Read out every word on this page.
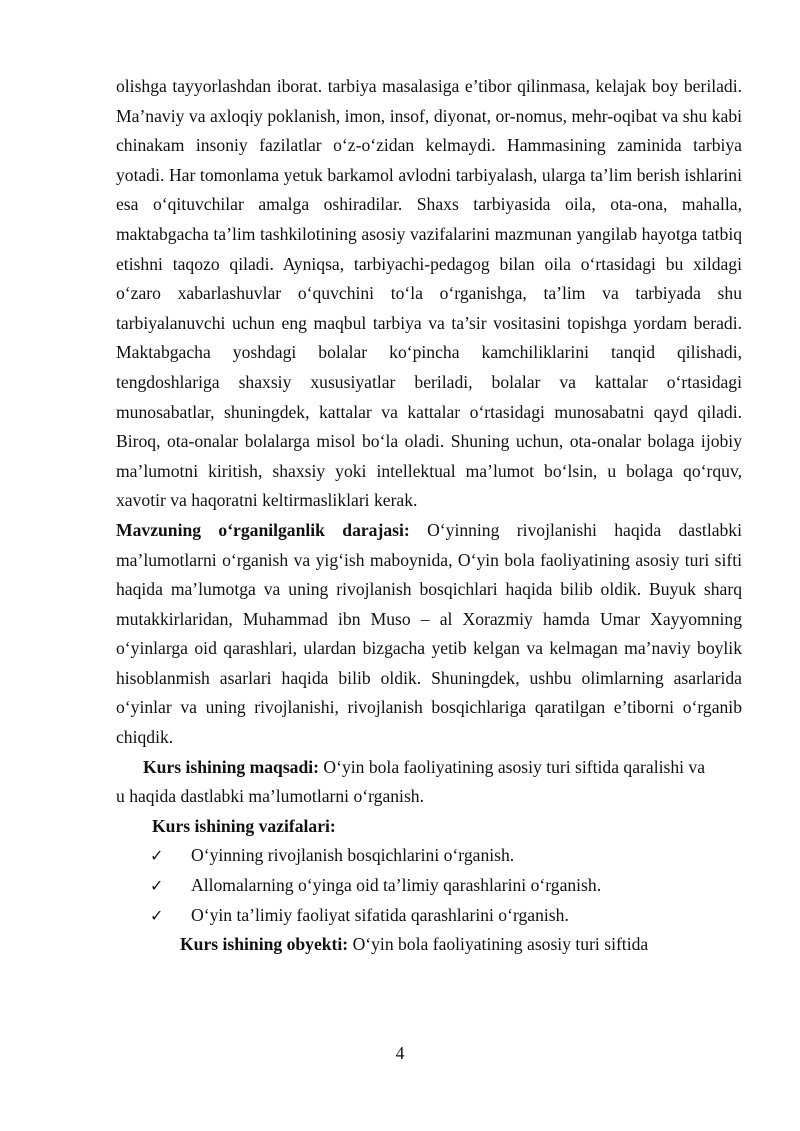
olishga tayyorlashdan iborat. tarbiya masalasiga e’tibor qilinmasa, kelajak boy beriladi. Ma’naviy va axloqiy poklanish, imon, insof, diyonat, or-nomus, mehr-oqibat va shu kabi chinakam insoniy fazilatlar o‘z-o‘zidan kelmaydi. Hammasining zaminida tarbiya yotadi. Har tomonlama yetuk barkamol avlodni tarbiyalash, ularga ta’lim berish ishlarini esa o‘qituvchilar amalga oshiradilar. Shaxs tarbiyasida oila, ota-ona, mahalla, maktabgacha ta’lim tashkilotining asosiy vazifalarini mazmunan yangilab hayotga tatbiq etishni taqozo qiladi. Ayniqsa, tarbiyachi-pedagog bilan oila o‘rtasidagi bu xildagi o‘zaro xabarlashuvlar o‘quvchini to‘la o‘rganishga, ta’lim va tarbiyada shu tarbiyalanuvchi uchun eng maqbul tarbiya va ta’sir vositasini topishga yordam beradi. Maktabgacha yoshdagi bolalar ko‘pincha kamchiliklarini tanqid qilishadi, tengdoshlariga shaxsiy xususiyatlar beriladi, bolalar va kattalar o‘rtasidagi munosabatlar, shuningdek, kattalar va kattalar o‘rtasidagi munosabatni qayd qiladi. Biroq, ota-onalar bolalarga misol bo‘la oladi. Shuning uchun, ota-onalar bolaga ijobiy ma’lumotni kiritish, shaxsiy yoki intellektual ma’lumot bo‘lsin, u bolaga qo‘rquv, xavotir va haqoratni keltirmasliklari kerak.

Mavzuning o‘rganilganlik darajasi: O‘yinning rivojlanishi haqida dastlabki ma’lumotlarni o‘rganish va yig‘ish maboynida, O‘yin bola faoliyatining asosiy turi sifti haqida ma’lumotga va uning rivojlanish bosqichlari haqida bilib oldik. Buyuk sharq mutakkirlaridan, Muhammad ibn Muso – al Xorazmiy hamda Umar Xayyomning o‘yinlarga oid qarashlari, ulardan bizgacha yetib kelgan va kelmagan ma’naviy boylik hisoblanmish asarlari haqida bilib oldik. Shuningdek, ushbu olimlarning asarlarida o‘yinlar va uning rivojlanishi, rivojlanish bosqichlariga qaratilgan e’tiborni o‘rganib chiqdik.

Kurs ishining maqsadi: O‘yin bola faoliyatining asosiy turi siftida qaralishi va u haqida dastlabki ma’lumotlarni o‘rganish.

Kurs ishining vazifalari:

✓	O‘yinning rivojlanish bosqichlarini o‘rganish.
✓	Allomalarning o‘yinga oid ta’limiy qarashlarini o‘rganish.
✓	O‘yin ta’limiy faoliyat sifatida qarashlarini o‘rganish.

Kurs ishining obyekti: O‘yin bola faoliyatining asosiy turi siftida

4
